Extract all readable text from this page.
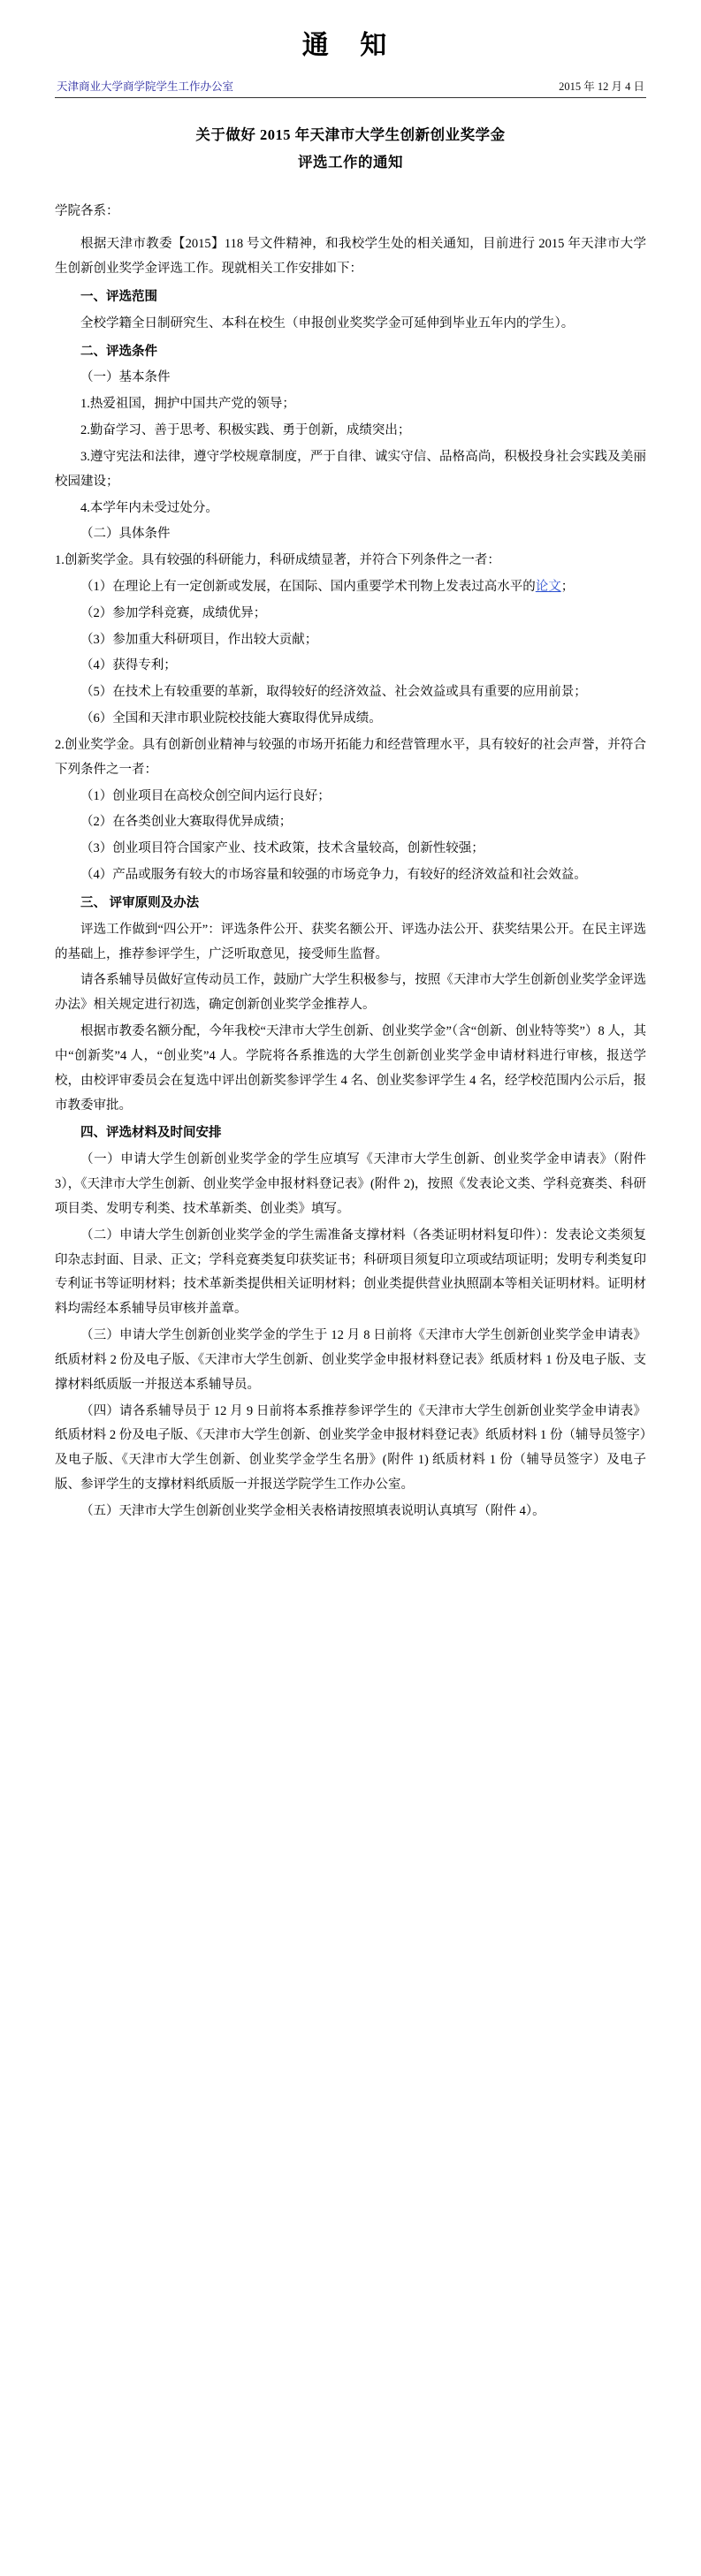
通 知
天津商业大学商学院学生工作办公室	2015 年 12 月 4 日
关于做好 2015 年天津市大学生创新创业奖学金
评选工作的通知

学院各系：

根据天津市教委【2015】118 号文件精神，和我校学生处的相关通知，目前进行 2015 年天津市大学生创新创业奖学金评选工作。现就相关工作安排如下：

一、评选范围

全校学籍全日制研究生、本科在校生（申报创业奖奖学金可延伸到毕业五年内的学生）。

二、评选条件

（一）基本条件

1.热爱祖国，拥护中国共产党的领导；

2.勤奋学习、善于思考、积极实践、勇于创新，成绩突出；

3.遵守宪法和法律，遵守学校规章制度，严于自律、诚实守信、品格高尚，积极投身社会实践及美丽校园建设；

4.本学年内未受过处分。

（二）具体条件

1.创新奖学金。具有较强的科研能力，科研成绩显著，并符合下列条件之一者：

（1）在理论上有一定创新或发展，在国际、国内重要学术刊物上发表过高水平的论文；

（2）参加学科竞赛，成绩优异；

（3）参加重大科研项目，作出较大贡献；

（4）获得专利；

（5）在技术上有较重要的革新，取得较好的经济效益、社会效益或具有重要的应用前景；

（6）全国和天津市职业院校技能大赛取得优异成绩。

2.创业奖学金。具有创新创业精神与较强的市场开拓能力和经营管理水平，具有较好的社会声誉，并符合下列条件之一者：

（1）创业项目在高校众创空间内运行良好；

（2）在各类创业大赛取得优异成绩；

（3）创业项目符合国家产业、技术政策，技术含量较高，创新性较强；

（4）产品或服务有较大的市场容量和较强的市场竞争力，有较好的经济效益和社会效益。

三、 评审原则及办法

评选工作做到“四公开”：评选条件公开、获奖名额公开、评选办法公开、获奖结果公开。在民主评选的基础上，推荐参评学生，广泛听取意见，接受师生监督。

请各系辅导员做好宣传动员工作，鼓励广大学生积极参与，按照《天津市大学生创新创业奖学金评选办法》相关规定进行初选，确定创新创业奖学金推荐人。

根据市教委名额分配，今年我校“天津市大学生创新、创业奖学金”（含“创新、创业特等奖”）8 人，其中“创新奖”4 人，“创业奖”4 人。学院将各系推选的大学生创新创业奖学金申请材料进行审核，报送学校，由校评审委员会在复选中评出创新奖参评学生 4 名、创业奖参评学生 4 名，经学校范围内公示后，报市教委审批。

四、评选材料及时间安排

（一）申请大学生创新创业奖学金的学生应填写《天津市大学生创新、创业奖学金申请表》（附件 3），《天津市大学生创新、创业奖学金申报材料登记表》(附件 2)，按照《发表论文类、学科竞赛类、科研项目类、发明专利类、技术革新类、创业类》填写。

（二）申请大学生创新创业奖学金的学生需准备支撑材料（各类证明材料复印件）：发表论文类须复印杂志封面、目录、正文；学科竞赛类复印获奖证书；科研项目须复印立项或结项证明；发明专利类复印专利证书等证明材料；技术革新类提供相关证明材料；创业类提供营业执照副本等相关证明材料。证明材料均需经本系辅导员审核并盖章。

（三）申请大学生创新创业奖学金的学生于 12 月 8 日前将《天津市大学生创新创业奖学金申请表》纸质材料 2 份及电子版、《天津市大学生创新、创业奖学金申报材料登记表》纸质材料 1 份及电子版、支撑材料纸质版一并报送本系辅导员。

（四）请各系辅导员于 12 月 9 日前将本系推荐参评学生的《天津市大学生创新创业奖学金申请表》纸质材料 2 份及电子版、《天津市大学生创新、创业奖学金申报材料登记表》纸质材料 1 份（辅导员签字）及电子版、《天津市大学生创新、创业奖学金学生名册》(附件 1) 纸质材料 1 份（辅导员签字）及电子版、参评学生的支撑材料纸质版一并报送学院学生工作办公室。

（五）天津市大学生创新创业奖学金相关表格请按照填表说明认真填写（附件 4）。
